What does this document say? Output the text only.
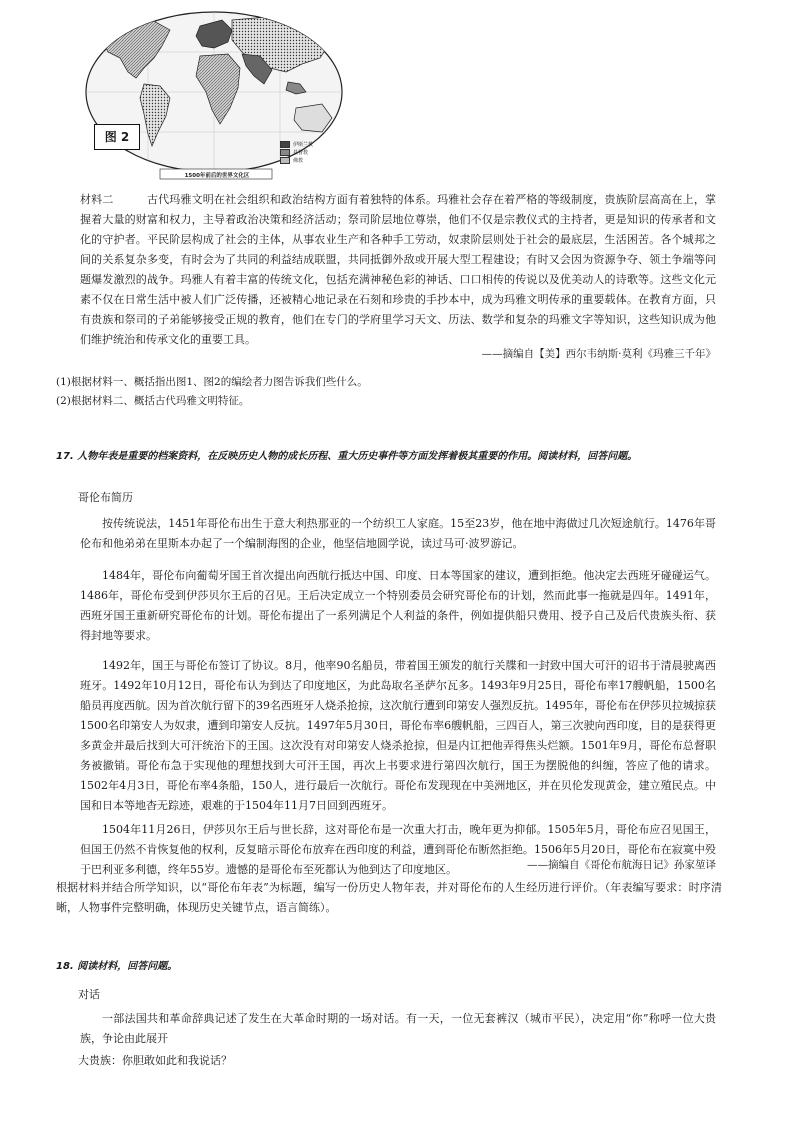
图 2
1500年前后的世界文化区
伊斯兰教
基督教
佛教

材料二　　　古代玛雅文明在社会组织和政治结构方面有着独特的体系。玛雅社会存在着严格的等级制度，贵族阶层高高在上，掌握着大量的财富和权力，主导着政治决策和经济活动；祭司阶层地位尊崇，他们不仅是宗教仪式的主持者，更是知识的传承者和文化的守护者。平民阶层构成了社会的主体，从事农业生产和各种手工劳动，奴隶阶层则处于社会的最底层，生活困苦。各个城邦之间的关系复杂多变，有时会为了共同的利益结成联盟，共同抵御外敌或开展大型工程建设；有时又会因为资源争夺、领土争端等问题爆发激烈的战争。玛雅人有着丰富的传统文化，包括充满神秘色彩的神话、口口相传的传说以及优美动人的诗歌等。这些文化元素不仅在日常生活中被人们广泛传播，还被精心地记录在石刻和珍贵的手抄本中，成为玛雅文明传承的重要载体。在教育方面，只有贵族和祭司的子弟能够接受正规的教育，他们在专门的学府里学习天文、历法、数学和复杂的玛雅文字等知识，这些知识成为他们维护统治和传承文化的重要工具。

——摘编自【美】西尔韦纳斯·莫利《玛雅三千年》
(1)根据材料一、概括指出图1、图2的编绘者力图告诉我们些什么。
(2)根据材料二、概括古代玛雅文明特征。
17. 人物年表是重要的档案资料，在反映历史人物的成长历程、重大历史事件等方面发挥着极其重要的作用。阅读材料，回答问题。
哥伦布简历

按传统说法，1451年哥伦布出生于意大利热那亚的一个纺织工人家庭。15至23岁，他在地中海做过几次短途航行。1476年哥伦布和他弟弟在里斯本办起了一个编制海图的企业，他坚信地圆学说，读过马可·波罗游记。

1484年，哥伦布向葡萄牙国王首次提出向西航行抵达中国、印度、日本等国家的建议，遭到拒绝。他决定去西班牙碰碰运气。1486年，哥伦布受到伊莎贝尔王后的召见。王后决定成立一个特别委员会研究哥伦布的计划，然而此事一拖就是四年。1491年，西班牙国王重新研究哥伦布的计划。哥伦布提出了一系列满足个人利益的条件，例如提供船只费用、授予自己及后代贵族头衔、获得封地等要求。

1492年，国王与哥伦布签订了协议。8月，他率90名船员，带着国王颁发的航行关牒和一封致中国大可汗的诏书于清晨驶离西班牙。1492年10月12日，哥伦布认为到达了印度地区，为此岛取名圣萨尔瓦多。1493年9月25日，哥伦布率17艘帆船，1500名船员再度西航。因为首次航行留下的39名西班牙人烧杀抢掠，这次航行遭到印第安人强烈反抗。1495年，哥伦布在伊莎贝拉城掠获1500名印第安人为奴隶，遭到印第安人反抗。1497年5月30日，哥伦布率6艘帆船，三四百人，第三次驶向西印度，目的是获得更多黄金并最后找到大可汗统治下的王国。这次没有对印第安人烧杀抢掠，但是内讧把他弄得焦头烂额。1501年9月，哥伦布总督职务被撤销。哥伦布急于实现他的理想找到大可汗王国，再次上书要求进行第四次航行，国王为摆脱他的纠缠，答应了他的请求。1502年4月3日，哥伦布率4条船，150人，进行最后一次航行。哥伦布发现现在中美洲地区，并在贝伦发现黄金，建立殖民点。中国和日本等地杳无踪迹，艰难的于1504年11月7日回到西班牙。

1504年11月26日，伊莎贝尔王后与世长辞，这对哥伦布是一次重大打击，晚年更为抑郁。1505年5月，哥伦布应召见国王，但国王仍然不肯恢复他的权利，反复暗示哥伦布放弃在西印度的利益，遭到哥伦布断然拒绝。1506年5月20日，哥伦布在寂寞中殁于巴利亚多利德，终年55岁。遗憾的是哥伦布至死都认为他到达了印度地区。	——摘编自《哥伦布航海日记》孙家堃译
根据材料并结合所学知识，以“哥伦布年表”为标题，编写一份历史人物年表，并对哥伦布的人生经历进行评价。（年表编写要求：时序清晰，人物事件完整明确，体现历史关键节点，语言简练）。
18. 阅读材料，回答问题。
对话

一部法国共和革命辞典记述了发生在大革命时期的一场对话。有一天，一位无套裤汉（城市平民），决定用“你”称呼一位大贵族，争论由此展开

大贵族：你胆敢如此和我说话？
